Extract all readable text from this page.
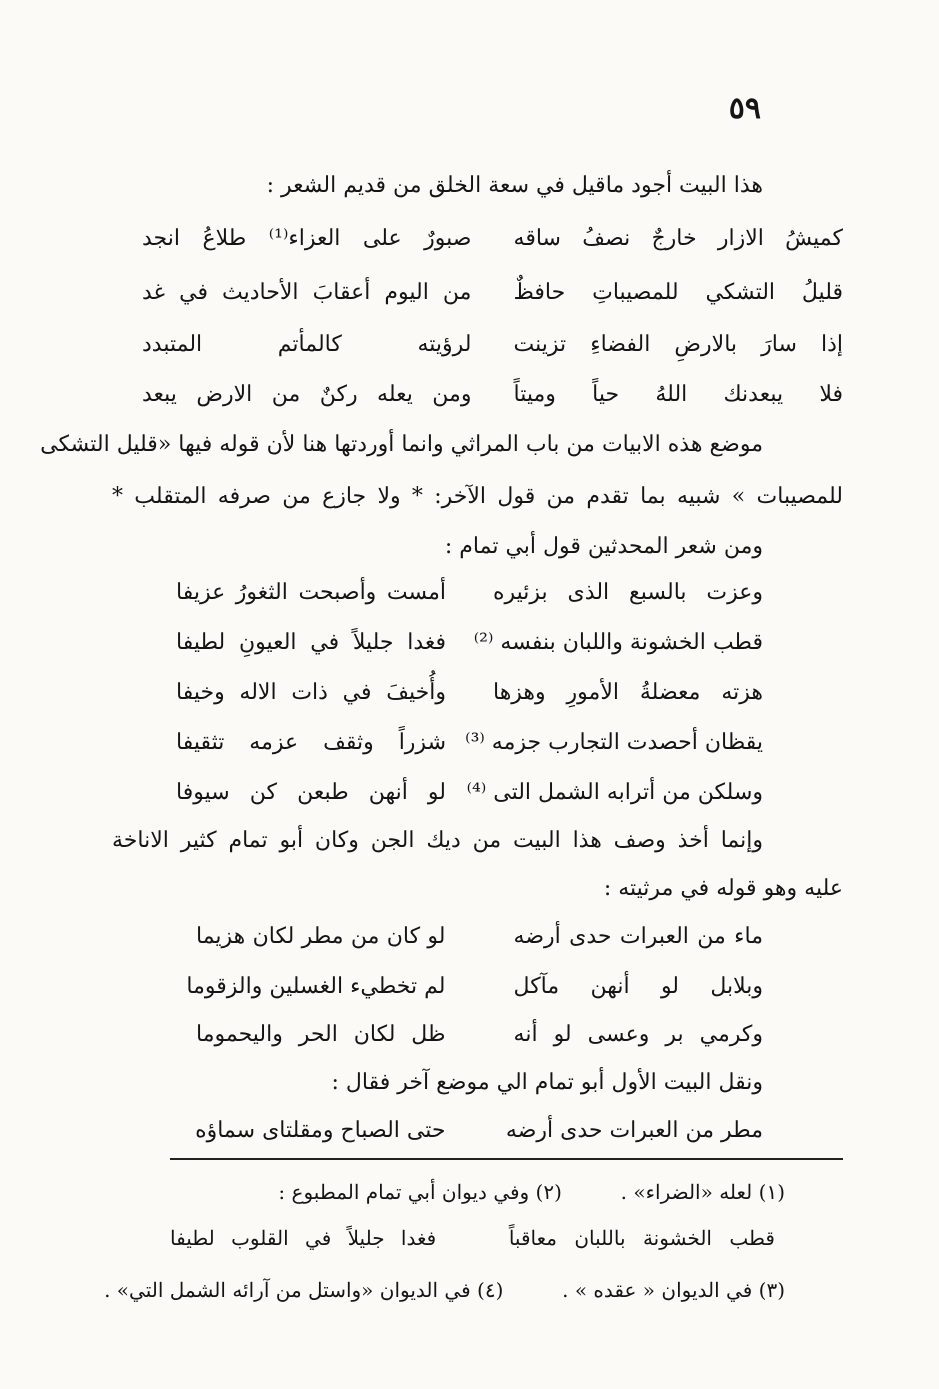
٥٩
هذا البيت أجود ماقيل في سعة الخلق من قديم الشعر :
كميشُ الازار خارجٌ نصفُ ساقه
صبورٌ على العزاء⁽¹⁾ طلاعُ انجد
قليلُ التشكي للمصيباتِ حافظٌ
من اليوم أعقابَ الأحاديث في غد
إذا سارَ بالارضِ الفضاءِ تزينت
لرؤيته كالمأتم المتبدد
فلا يبعدنك اللهُ حياً وميتاً
ومن يعله ركنٌ من الارض يبعد
موضع هذه الابيات من باب المراثي وانما أوردتها هنا لأن قوله فيها «قليل التشكى
للمصيبات » شبيه بما تقدم من قول الآخر: * ولا جازع من صرفه المتقلب *
ومن شعر المحدثين قول أبي تمام :
وعزت بالسبع الذى بزئيره
أمست وأصبحت الثغورُ عزيفا
قطب الخشونة واللبان بنفسه ⁽²⁾
فغدا جليلاً في العيونِ لطيفا
هزته معضلةُ الأمورِ وهزها
وأُخيفَ في ذات الاله وخيفا
يقظان أحصدت التجارب جزمه ⁽³⁾
شزراً وثقف عزمه تثقيفا
وسلكن من أترابه الشمل التى ⁽⁴⁾
لو أنهن طبعن كن سيوفا
وإنما أخذ وصف هذا البيت من ديك الجن وكان أبو تمام كثير الاناخة
عليه وهو قوله في مرثيته :
ماء من العبرات حدى أرضه
لو كان من مطر لكان هزيما
وبلابل لو أنهن مآكل
لم تخطيء الغسلين والزقوما
وكرمي بر وعسى لو أنه
ظل لكان الحر واليحموما
ونقل البيت الأول أبو تمام الي موضع آخر فقال :
مطر من العبرات حدى أرضه
حتى الصباح ومقلتاى سماؤه
(١) لعله «الضراء» .  (٢) وفي ديوان أبي تمام المطبوع :
قطب الخشونة باللبان معاقباً
فغدا جليلاً في القلوب لطيفا
(٣) في الديوان « عقده » .  (٤) في الديوان «واستل من آرائه الشمل التي» .
